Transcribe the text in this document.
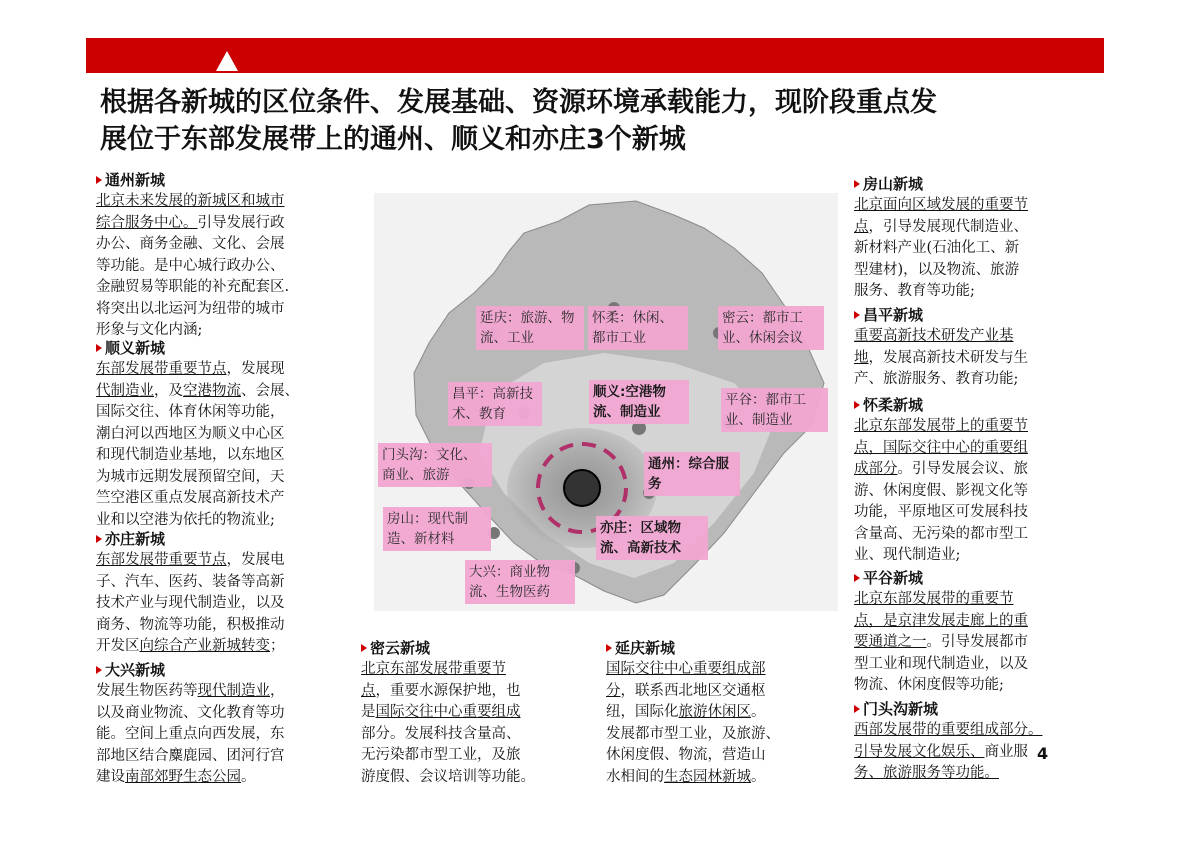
根据各新城的区位条件、发展基础、资源环境承载能力，现阶段重点发
展位于东部发展带上的通州、顺义和亦庄3个新城
通州新城

北京未来发展的新城区和城市

综合服务中心。引导发展行政

办公、商务金融、文化、会展

等功能。是中心城行政办公、

金融贸易等职能的补充配套区.

将突出以北运河为纽带的城市

形象与文化内涵;

顺义新城

东部发展带重要节点，发展现

代制造业，及空港物流、会展、

国际交往、体育休闲等功能，

潮白河以西地区为顺义中心区

和现代制造业基地，以东地区

为城市远期发展预留空间，天

竺空港区重点发展高新技术产

业和以空港为依托的物流业;

亦庄新城

东部发展带重要节点，发展电

子、汽车、医药、装备等高新

技术产业与现代制造业，以及

商务、物流等功能，积极推动

开发区向综合产业新城转变；

大兴新城

发展生物医药等现代制造业，

以及商业物流、文化教育等功

能。空间上重点向西发展，东

部地区结合麋鹿园、团河行宫

建设南部郊野生态公园。

密云新城

北京东部发展带重要节

点，重要水源保护地，也

是国际交往中心重要组成

部分。发展科技含量高、

无污染都市型工业，及旅

游度假、会议培训等功能。

延庆新城

国际交往中心重要组成部

分，联系西北地区交通枢

纽，国际化旅游休闲区。

发展都市型工业，及旅游、

休闲度假、物流，营造山

水相间的生态园林新城。

房山新城

北京面向区域发展的重要节

点，引导发展现代制造业、

新材料产业(石油化工、新

型建材)，以及物流、旅游

服务、教育等功能;

昌平新城

重要高新技术研发产业基

地，发展高新技术研发与生

产、旅游服务、教育功能;

怀柔新城

北京东部发展带上的重要节

点，国际交往中心的重要组

成部分。引导发展会议、旅

游、休闲度假、影视文化等

功能，平原地区可发展科技

含量高、无污染的都市型工

业、现代制造业;

平谷新城

北京东部发展带的重要节

点，是京津发展走廊上的重

要通道之一。引导发展都市

型工业和现代制造业，以及

物流、休闲度假等功能;

门头沟新城

西部发展带的重要组成部分。

引导发展文化娱乐、商业服

务、旅游服务等功能。

4
延庆：旅游、物流、工业
怀柔：休闲、都市工业
密云：都市工业、休闲会议
昌平：高新技术、教育
顺义:空港物流、制造业
平谷：都市工业、制造业
门头沟：文化、商业、旅游
通州：综合服务
房山：现代制造、新材料
亦庄：区域物流、高新技术
大兴：商业物流、生物医药
